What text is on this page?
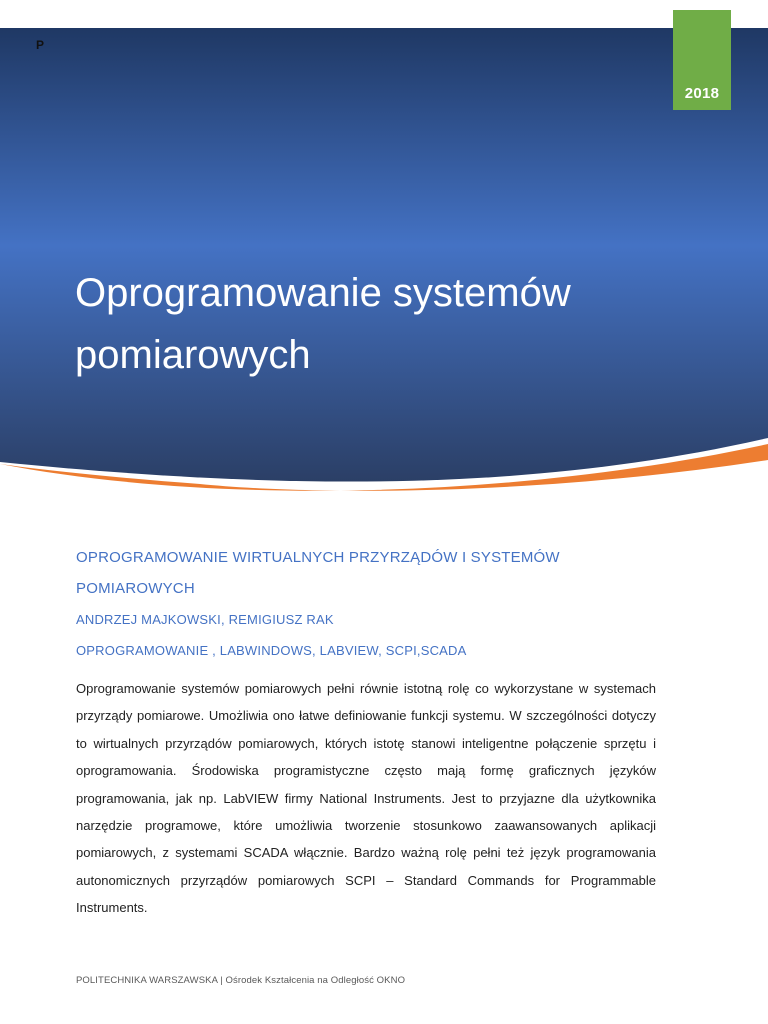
P
2018
Oprogramowanie systemów
pomiarowych
OPROGRAMOWANIE WIRTUALNYCH PRZYRZĄDÓW I SYSTEMÓW POMIAROWYCH
ANDRZEJ MAJKOWSKI, REMIGIUSZ RAK
OPROGRAMOWANIE , LABWINDOWS, LABVIEW, SCPI,SCADA
Oprogramowanie systemów pomiarowych pełni równie istotną rolę co wykorzystane w systemach przyrządy pomiarowe. Umożliwia ono łatwe definiowanie funkcji systemu. W szczególności dotyczy to wirtualnych przyrządów pomiarowych, których istotę stanowi inteligentne połączenie sprzętu i oprogramowania. Środowiska programistyczne często mają formę graficznych języków programowania, jak np. LabVIEW firmy National Instruments. Jest to przyjazne dla użytkownika narzędzie programowe, które umożliwia tworzenie stosunkowo zaawansowanych aplikacji pomiarowych, z systemami SCADA włącznie. Bardzo ważną rolę pełni też język programowania autonomicznych przyrządów pomiarowych SCPI – Standard Commands for Programmable Instruments.
POLITECHNIKA WARSZAWSKA | Ośrodek Kształcenia na Odległość OKNO
